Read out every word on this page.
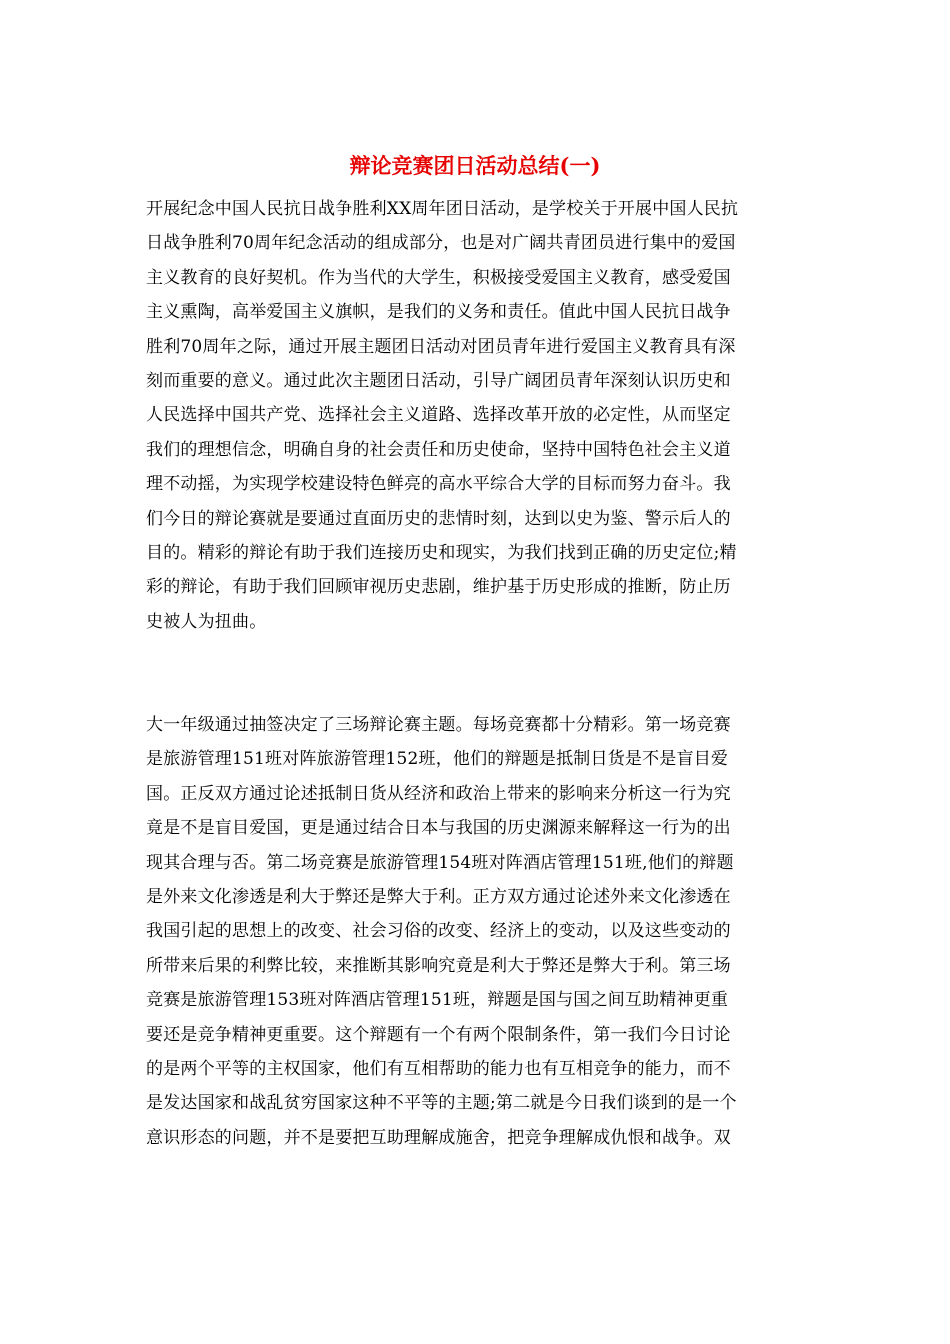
辩论竞赛团日活动总结(一)
开展纪念中国人民抗日战争胜利XX周年团日活动，是学校关于开展中国人民抗
日战争胜利70周年纪念活动的组成部分，也是对广阔共青团员进行集中的爱国
主义教育的良好契机。作为当代的大学生，积极接受爱国主义教育，感受爱国
主义熏陶，高举爱国主义旗帜，是我们的义务和责任。值此中国人民抗日战争
胜利70周年之际，通过开展主题团日活动对团员青年进行爱国主义教育具有深
刻而重要的意义。通过此次主题团日活动，引导广阔团员青年深刻认识历史和
人民选择中国共产党、选择社会主义道路、选择改革开放的必定性，从而坚定
我们的理想信念，明确自身的社会责任和历史使命，坚持中国特色社会主义道
理不动摇，为实现学校建设特色鲜亮的高水平综合大学的目标而努力奋斗。我
们今日的辩论赛就是要通过直面历史的悲情时刻，达到以史为鉴、警示后人的
目的。精彩的辩论有助于我们连接历史和现实，为我们找到正确的历史定位;精
彩的辩论，有助于我们回顾审视历史悲剧，维护基于历史形成的推断，防止历
史被人为扭曲。
大一年级通过抽签决定了三场辩论赛主题。每场竞赛都十分精彩。第一场竞赛
是旅游管理151班对阵旅游管理152班，他们的辩题是抵制日货是不是盲目爱
国。正反双方通过论述抵制日货从经济和政治上带来的影响来分析这一行为究
竟是不是盲目爱国，更是通过结合日本与我国的历史渊源来解释这一行为的出
现其合理与否。第二场竞赛是旅游管理154班对阵酒店管理151班,他们的辩题
是外来文化渗透是利大于弊还是弊大于利。正方双方通过论述外来文化渗透在
我国引起的思想上的改变、社会习俗的改变、经济上的变动，以及这些变动的
所带来后果的利弊比较，来推断其影响究竟是利大于弊还是弊大于利。第三场
竞赛是旅游管理153班对阵酒店管理151班，辩题是国与国之间互助精神更重
要还是竞争精神更重要。这个辩题有一个有两个限制条件，第一我们今日讨论
的是两个平等的主权国家，他们有互相帮助的能力也有互相竞争的能力，而不
是发达国家和战乱贫穷国家这种不平等的主题;第二就是今日我们谈到的是一个
意识形态的问题，并不是要把互助理解成施舍，把竞争理解成仇恨和战争。双
